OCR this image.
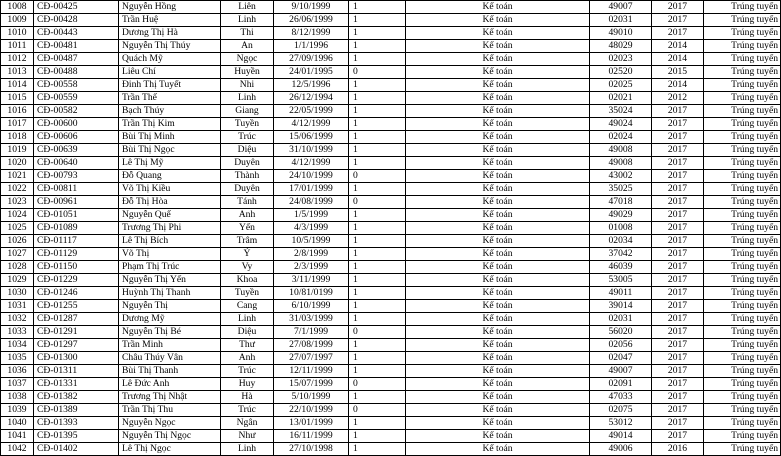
1008	CĐ-00425	Nguyễn Hồng	Liên	9/10/1999	1	Kế toán	49007	2017	Trúng tuyển
1009	CĐ-00428	Trần Huệ	Linh	26/06/1999	1	Kế toán	02031	2017	Trúng tuyển
1010	CĐ-00443	Dương Thị Hà	Thi	8/12/1999	1	Kế toán	49010	2017	Trúng tuyển
1011	CĐ-00481	Nguyễn Thị Thúy	An	1/1/1996	1	Kế toán	48029	2014	Trúng tuyển
1012	CĐ-00487	Quách Mỹ	Ngọc	27/09/1996	1	Kế toán	02023	2014	Trúng tuyển
1013	CĐ-00488	Liêu Chí	Huyền	24/01/1995	0	Kế toán	02520	2015	Trúng tuyển
1014	CĐ-00558	Đinh Thị Tuyết	Nhi	12/5/1996	1	Kế toán	02025	2014	Trúng tuyển
1015	CĐ-00559	Trần Thế	Linh	26/12/1994	1	Kế toán	02021	2012	Trúng tuyển
1016	CĐ-00582	Bạch Thúy	Giang	22/05/1999	1	Kế toán	35024	2017	Trúng tuyển
1017	CĐ-00600	Trần Thị Kim	Tuyền	4/12/1999	1	Kế toán	49024	2017	Trúng tuyển
1018	CĐ-00606	Bùi Thị Minh	Trúc	15/06/1999	1	Kế toán	02024	2017	Trúng tuyển
1019	CĐ-00639	Bùi Thị Ngọc	Diệu	31/10/1999	1	Kế toán	49008	2017	Trúng tuyển
1020	CĐ-00640	Lê Thị Mỹ	Duyên	4/12/1999	1	Kế toán	49008	2017	Trúng tuyển
1021	CĐ-00793	Đỗ Quang	Thành	24/10/1999	0	Kế toán	43002	2017	Trúng tuyển
1022	CĐ-00811	Võ Thị Kiều	Duyên	17/01/1999	1	Kế toán	35025	2017	Trúng tuyển
1023	CĐ-00961	Đỗ Thị Hòa	Tánh	24/08/1999	0	Kế toán	47018	2017	Trúng tuyển
1024	CĐ-01051	Nguyễn Quế	Anh	1/5/1999	1	Kế toán	49029	2017	Trúng tuyển
1025	CĐ-01089	Trương Thị Phi	Yến	4/3/1999	1	Kế toán	01008	2017	Trúng tuyển
1026	CĐ-01117	Lê Thị Bích	Trâm	10/5/1999	1	Kế toán	02034	2017	Trúng tuyển
1027	CĐ-01129	Võ Thị	Ý	2/8/1999	1	Kế toán	37042	2017	Trúng tuyển
1028	CĐ-01150	Phạm Thị Trúc	Vy	2/3/1999	1	Kế toán	46039	2017	Trúng tuyển
1029	CĐ-01229	Nguyễn Thị Yến	Khoa	3/11/1999	1	Kế toán	53005	2017	Trúng tuyển
1030	CĐ-01246	Huỳnh Thị Thanh	Tuyền	10/81/0199	1	Kế toán	49011	2017	Trúng tuyển
1031	CĐ-01255	Nguyễn Thị	Cang	6/10/1999	1	Kế toán	39014	2017	Trúng tuyển
1032	CĐ-01287	Dương Mỹ	Linh	31/03/1999	1	Kế toán	02031	2017	Trúng tuyển
1033	CĐ-01291	Nguyễn Thị Bé	Diệu	7/1/1999	0	Kế toán	56020	2017	Trúng tuyển
1034	CĐ-01297	Trần Minh	Thư	27/08/1999	1	Kế toán	02056	2017	Trúng tuyển
1035	CĐ-01300	Châu Thúy Vân	Anh	27/07/1997	1	Kế toán	02047	2017	Trúng tuyển
1036	CĐ-01311	Bùi Thị Thanh	Trúc	12/11/1999	1	Kế toán	49007	2017	Trúng tuyển
1037	CĐ-01331	Lê Đức Anh	Huy	15/07/1999	0	Kế toán	02091	2017	Trúng tuyển
1038	CĐ-01382	Trương Thị Nhật	Hà	5/10/1999	1	Kế toán	47033	2017	Trúng tuyển
1039	CĐ-01389	Trần Thị Thu	Trúc	22/10/1999	0	Kế toán	02075	2017	Trúng tuyển
1040	CĐ-01393	Nguyễn Ngọc	Ngân	13/01/1999	1	Kế toán	53012	2017	Trúng tuyển
1041	CĐ-01395	Nguyễn Thị Ngọc	Như	16/11/1999	1	Kế toán	49014	2017	Trúng tuyển
1042	CĐ-01402	Lê Thị Ngọc	Linh	27/10/1998	1	Kế toán	49006	2016	Trúng tuyển
